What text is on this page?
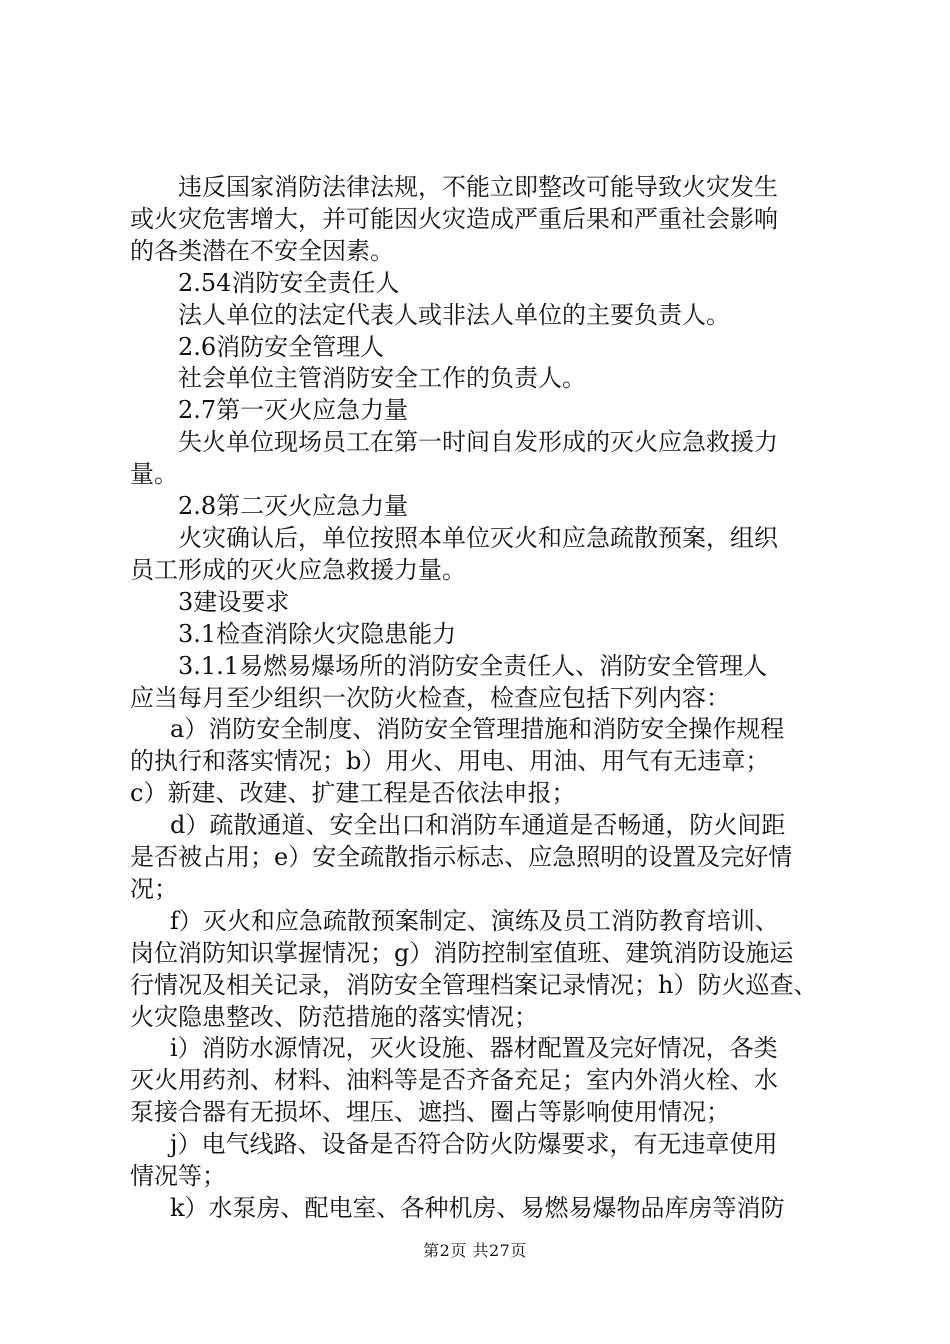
违反国家消防法律法规，不能立即整改可能导致火灾发生

或火灾危害增大，并可能因火灾造成严重后果和严重社会影响

的各类潜在不安全因素。

2.54消防安全责任人

法人单位的法定代表人或非法人单位的主要负责人。

2.6消防安全管理人

社会单位主管消防安全工作的负责人。

2.7第一灭火应急力量

失火单位现场员工在第一时间自发形成的灭火应急救援力

量。

2.8第二灭火应急力量

火灾确认后，单位按照本单位灭火和应急疏散预案，组织

员工形成的灭火应急救援力量。

3建设要求

3.1检查消除火灾隐患能力

3.1.1易燃易爆场所的消防安全责任人、消防安全管理人

应当每月至少组织一次防火检查，检查应包括下列内容：

a）消防安全制度、消防安全管理措施和消防安全操作规程

的执行和落实情况；b）用火、用电、用油、用气有无违章；

c）新建、改建、扩建工程是否依法申报；

d）疏散通道、安全出口和消防车通道是否畅通，防火间距

是否被占用；e）安全疏散指示标志、应急照明的设置及完好情

况；

f）灭火和应急疏散预案制定、演练及员工消防教育培训、

岗位消防知识掌握情况；g）消防控制室值班、建筑消防设施运

行情况及相关记录，消防安全管理档案记录情况；h）防火巡查、

火灾隐患整改、防范措施的落实情况；

i）消防水源情况，灭火设施、器材配置及完好情况，各类

灭火用药剂、材料、油料等是否齐备充足；室内外消火栓、水

泵接合器有无损坏、埋压、遮挡、圈占等影响使用情况；

j）电气线路、设备是否符合防火防爆要求，有无违章使用

情况等；

k）水泵房、配电室、各种机房、易燃易爆物品库房等消防

第2页 共27页
